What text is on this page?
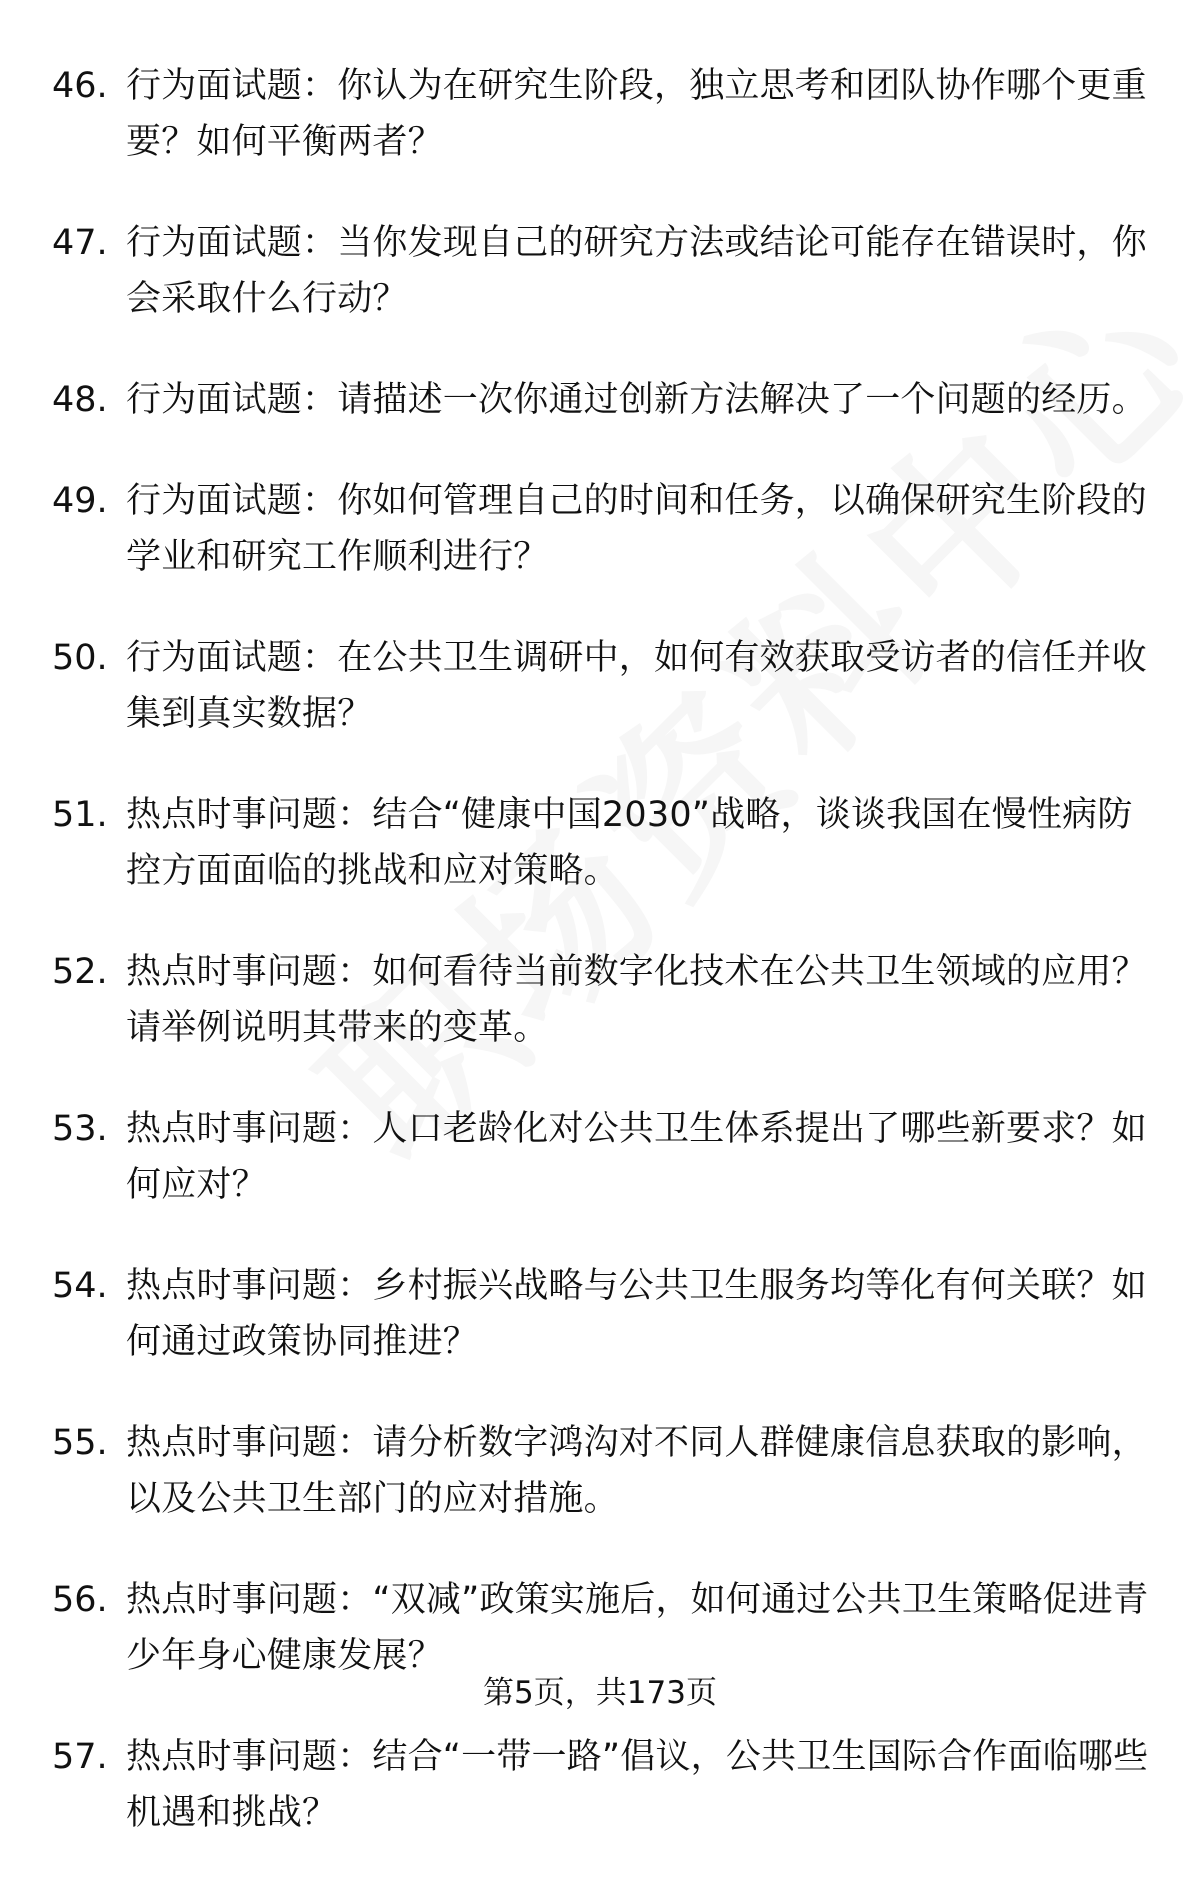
46. 行为面试题：你认为在研究生阶段，独立思考和团队协作哪个更重要？如何平衡两者？
47. 行为面试题：当你发现自己的研究方法或结论可能存在错误时，你会采取什么行动？
48. 行为面试题：请描述一次你通过创新方法解决了一个问题的经历。
49. 行为面试题：你如何管理自己的时间和任务，以确保研究生阶段的学业和研究工作顺利进行？
50. 行为面试题：在公共卫生调研中，如何有效获取受访者的信任并收集到真实数据？
51. 热点时事问题：结合“健康中国2030”战略，谈谈我国在慢性病防控方面面临的挑战和应对策略。
52. 热点时事问题：如何看待当前数字化技术在公共卫生领域的应用？请举例说明其带来的变革。
53. 热点时事问题：人口老龄化对公共卫生体系提出了哪些新要求？如何应对？
54. 热点时事问题：乡村振兴战略与公共卫生服务均等化有何关联？如何通过政策协同推进？
55. 热点时事问题：请分析数字鸿沟对不同人群健康信息获取的影响，以及公共卫生部门的应对措施。
56. 热点时事问题：“双减”政策实施后，如何通过公共卫生策略促进青少年身心健康发展？
57. 热点时事问题：结合“一带一路”倡议，公共卫生国际合作面临哪些机遇和挑战？
第5页，共173页
